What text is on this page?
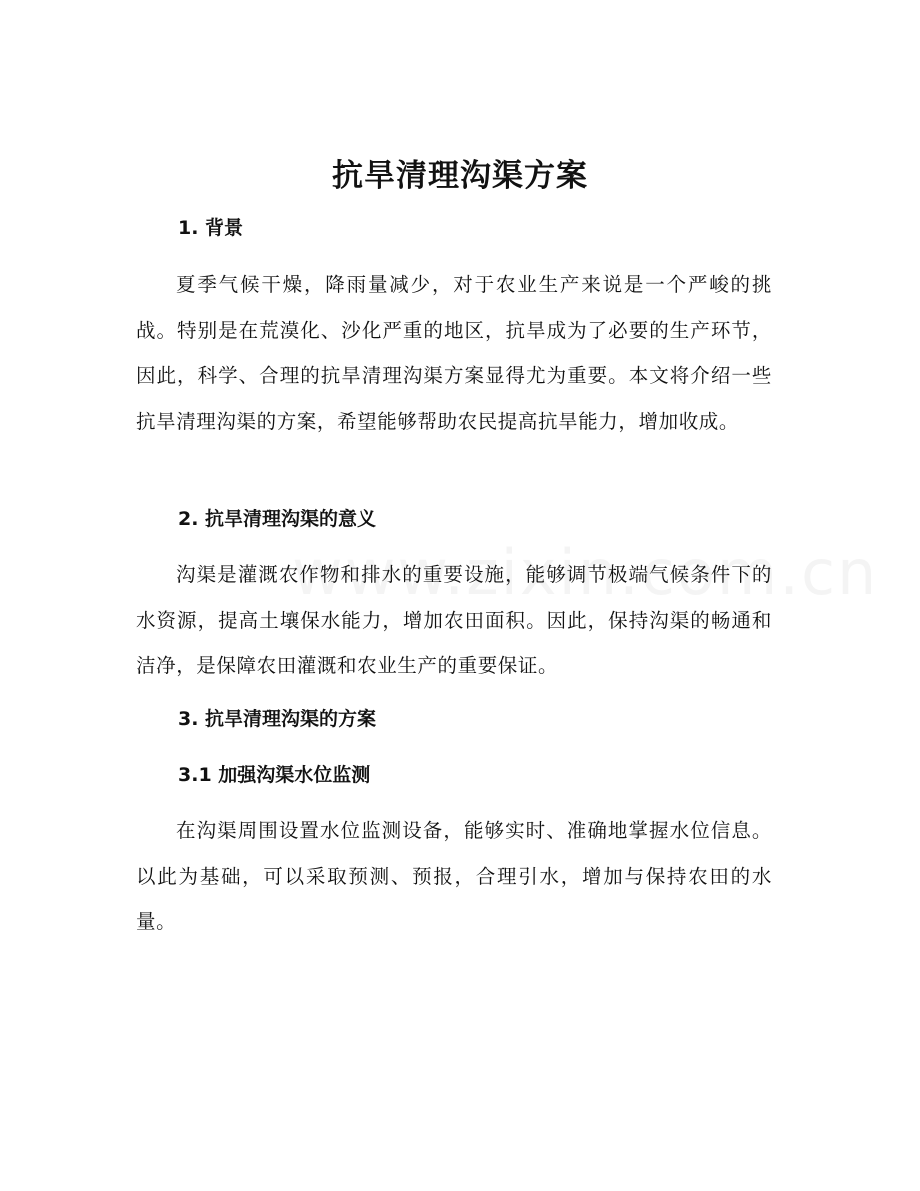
抗旱清理沟渠方案
1. 背景

夏季气候干燥，降雨量减少，对于农业生产来说是一个严峻的挑战。特别是在荒漠化、沙化严重的地区，抗旱成为了必要的生产环节，因此，科学、合理的抗旱清理沟渠方案显得尤为重要。本文将介绍一些抗旱清理沟渠的方案，希望能够帮助农民提高抗旱能力，增加收成。

2. 抗旱清理沟渠的意义

沟渠是灌溉农作物和排水的重要设施，能够调节极端气候条件下的水资源，提高土壤保水能力，增加农田面积。因此，保持沟渠的畅通和洁净，是保障农田灌溉和农业生产的重要保证。

3. 抗旱清理沟渠的方案
3.1 加强沟渠水位监测

在沟渠周围设置水位监测设备，能够实时、准确地掌握水位信息。以此为基础，可以采取预测、预报，合理引水，增加与保持农田的水量。
